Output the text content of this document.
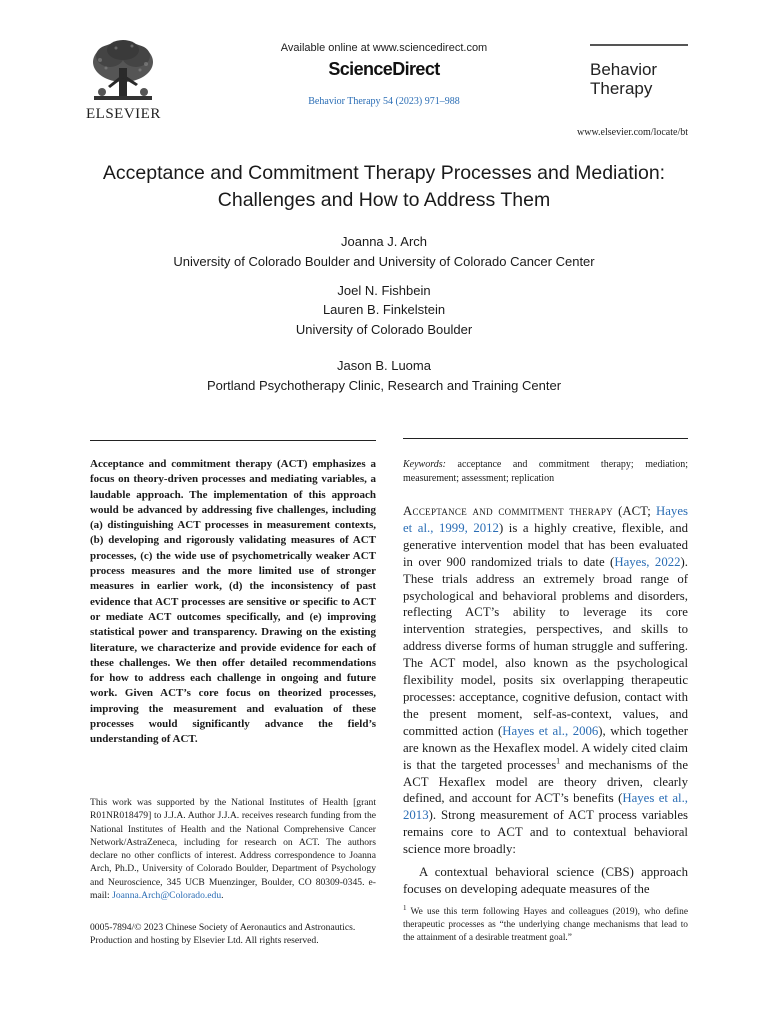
ELSEVIER
Available online at www.sciencedirect.com
ScienceDirect
Behavior Therapy 54 (2023) 971–988
Behavior
Therapy
www.elsevier.com/locate/bt
Acceptance and Commitment Therapy Processes and Mediation:
Challenges and How to Address Them
Joanna J. Arch
University of Colorado Boulder and University of Colorado Cancer Center
Joel N. Fishbein
Lauren B. Finkelstein
University of Colorado Boulder
Jason B. Luoma
Portland Psychotherapy Clinic, Research and Training Center
Acceptance and commitment therapy (ACT) emphasizes a focus on theory-driven processes and mediating variables, a laudable approach. The implementation of this approach would be advanced by addressing five challenges, including (a) distinguishing ACT processes in measurement contexts, (b) developing and rigorously validating measures of ACT processes, (c) the wide use of psychometrically weaker ACT process measures and the more limited use of stronger measures in earlier work, (d) the inconsistency of past evidence that ACT processes are sensitive or specific to ACT or mediate ACT outcomes specifically, and (e) improving statistical power and transparency. Drawing on the existing literature, we characterize and provide evidence for each of these challenges. We then offer detailed recommendations for how to address each challenge in ongoing and future work. Given ACT’s core focus on theorized processes, improving the measurement and evaluation of these processes would significantly advance the field’s understanding of ACT.
This work was supported by the National Institutes of Health [grant R01NR018479] to J.J.A. Author J.J.A. receives research funding from the National Institutes of Health and the National Comprehensive Cancer Network/AstraZeneca, including for research on ACT. The authors declare no other conflicts of interest. Address correspondence to Joanna Arch, Ph.D., University of Colorado Boulder, Department of Psychology and Neuroscience, 345 UCB Muenzinger, Boulder, CO 80309-0345. e-mail: Joanna.Arch@Colorado.edu.
0005-7894/© 2023 Chinese Society of Aeronautics and Astronautics.
Production and hosting by Elsevier Ltd. All rights reserved.
Keywords: acceptance and commitment therapy; mediation; measurement; assessment; replication
Acceptance and commitment therapy (ACT; Hayes et al., 1999, 2012) is a highly creative, flexible, and generative intervention model that has been evaluated in over 900 randomized trials to date (Hayes, 2022). These trials address an extremely broad range of psychological and behavioral problems and disorders, reflecting ACT’s ability to leverage its core intervention strategies, perspectives, and skills to address diverse forms of human struggle and suffering. The ACT model, also known as the psychological flexibility model, posits six overlapping therapeutic processes: acceptance, cognitive defusion, contact with the present moment, self-as-context, values, and committed action (Hayes et al., 2006), which together are known as the Hexaflex model. A widely cited claim is that the targeted processes$^1$ and mechanisms of the ACT Hexaflex model are theory driven, clearly defined, and account for ACT’s benefits (Hayes et al., 2013). Strong measurement of ACT process variables remains core to ACT and to contextual behavioral science more broadly:
A contextual behavioral science (CBS) approach focuses on developing adequate measures of the
$^1$ We use this term following Hayes and colleagues (2019), who define therapeutic processes as “the underlying change mechanisms that lead to the attainment of a desirable treatment goal.”
